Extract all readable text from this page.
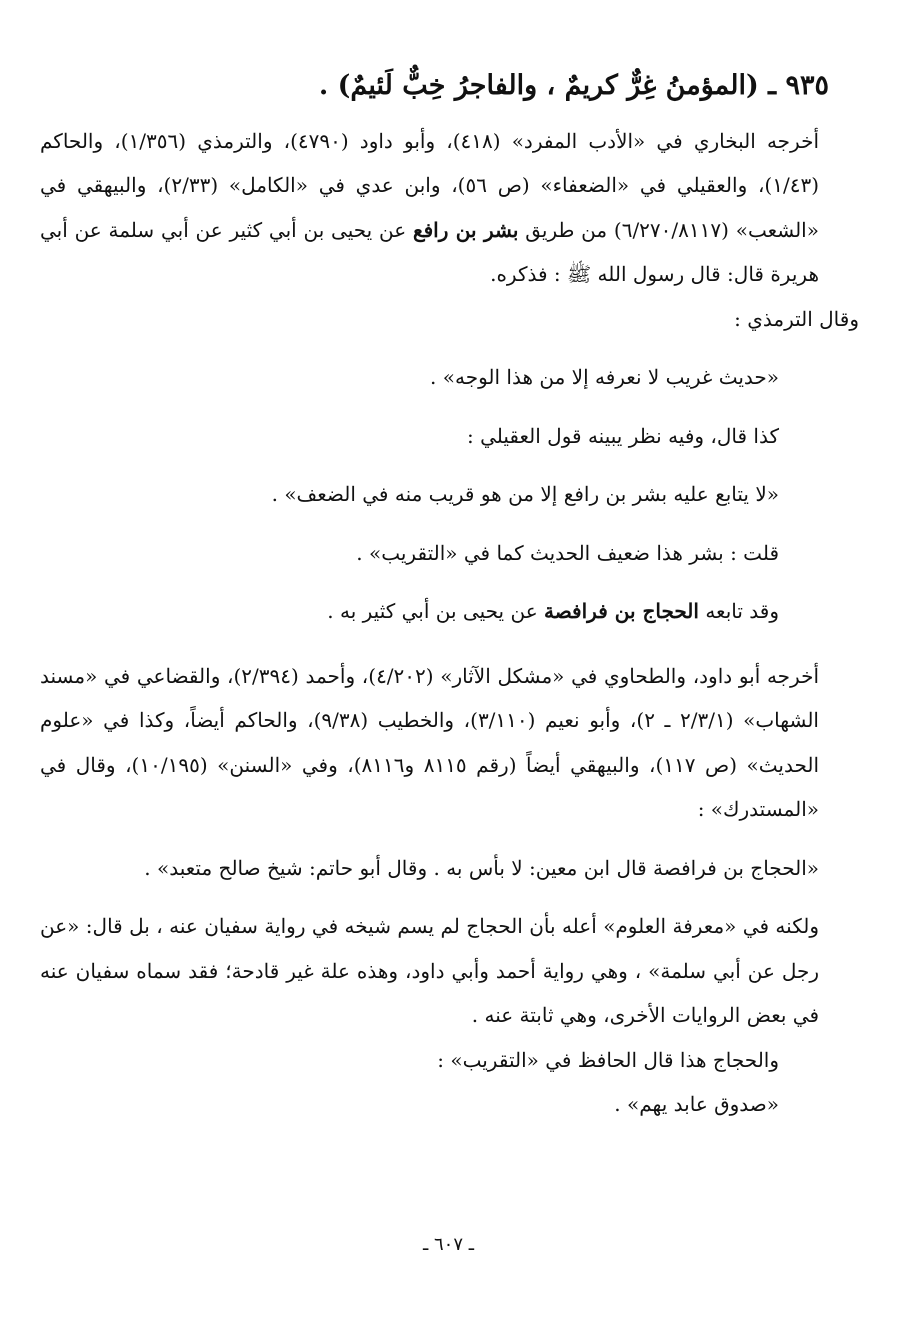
٩٣٥ ـ (المؤمنُ غِرٌّ كريمٌ ، والفاجرُ خِبٌّ لَئيمٌ) .

أخرجه البخاري في «الأدب المفرد» (٤١٨)، وأبو داود (٤٧٩٠)، والترمذي (١/٣٥٦)، والحاكم (١/٤٣)، والعقيلي في «الضعفاء» (ص ٥٦)، وابن عدي في «الكامل» (٢/٣٣)، والبيهقي في «الشعب» (٦/٢٧٠/٨١١٧) من طريق بشر بن رافع عن يحيى بن أبي كثير عن أبي سلمة عن أبي هريرة قال: قال رسول الله ﷺ : فذكره.

وقال الترمذي :

«حديث غريب لا نعرفه إلا من هذا الوجه» .

كذا قال، وفيه نظر يبينه قول العقيلي :

«لا يتابع عليه بشر بن رافع إلا من هو قريب منه في الضعف» .

قلت : بشر هذا ضعيف الحديث كما في «التقريب» .

وقد تابعه الحجاج بن فرافصة عن يحيى بن أبي كثير به .

أخرجه أبو داود، والطحاوي في «مشكل الآثار» (٤/٢٠٢)، وأحمد (٢/٣٩٤)، والقضاعي في «مسند الشهاب» (٢/٣/١ ـ ٢)، وأبو نعيم (٣/١١٠)، والخطيب (٩/٣٨)، والحاكم أيضاً، وكذا في «علوم الحديث» (ص ١١٧)، والبيهقي أيضاً (رقم ٨١١٥ و٨١١٦)، وفي «السنن» (١٠/١٩٥)، وقال في «المستدرك» :

«الحجاج بن فرافصة قال ابن معين: لا بأس به . وقال أبو حاتم: شيخ صالح متعبد» .

ولكنه في «معرفة العلوم» أعله بأن الحجاج لم يسم شيخه في رواية سفيان عنه ، بل قال: «عن رجل عن أبي سلمة» ، وهي رواية أحمد وأبي داود، وهذه علة غير قادحة؛ فقد سماه سفيان عنه في بعض الروايات الأخرى، وهي ثابتة عنه .

والحجاج هذا قال الحافظ في «التقريب» :

«صدوق عابد يهم» .

ـ ٦٠٧ ـ
